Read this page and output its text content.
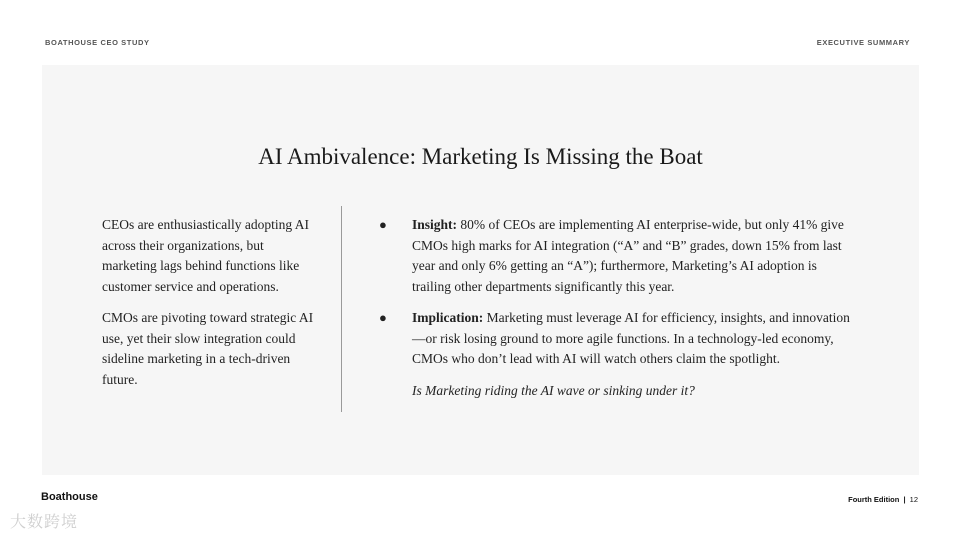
BOATHOUSE CEO STUDY	EXECUTIVE SUMMARY
AI Ambivalence: Marketing Is Missing the Boat

CEOs are enthusiastically adopting AI across their organizations, but marketing lags behind functions like customer service and operations.

CMOs are pivoting toward strategic AI use, yet their slow integration could sideline marketing in a tech-driven future.

● Insight: 80% of CEOs are implementing AI enterprise-wide, but only 41% give CMOs high marks for AI integration (“A” and “B” grades, down 15% from last year and only 6% getting an “A”); furthermore, Marketing’s AI adoption is trailing other departments significantly this year.
● Implication: Marketing must leverage AI for efficiency, insights, and innovation—or risk losing ground to more agile functions. In a technology-led economy, CMOs who don’t lead with AI will watch others claim the spotlight.
Is Marketing riding the AI wave or sinking under it?
Boathouse	Fourth Edition | 12
大数跨境
